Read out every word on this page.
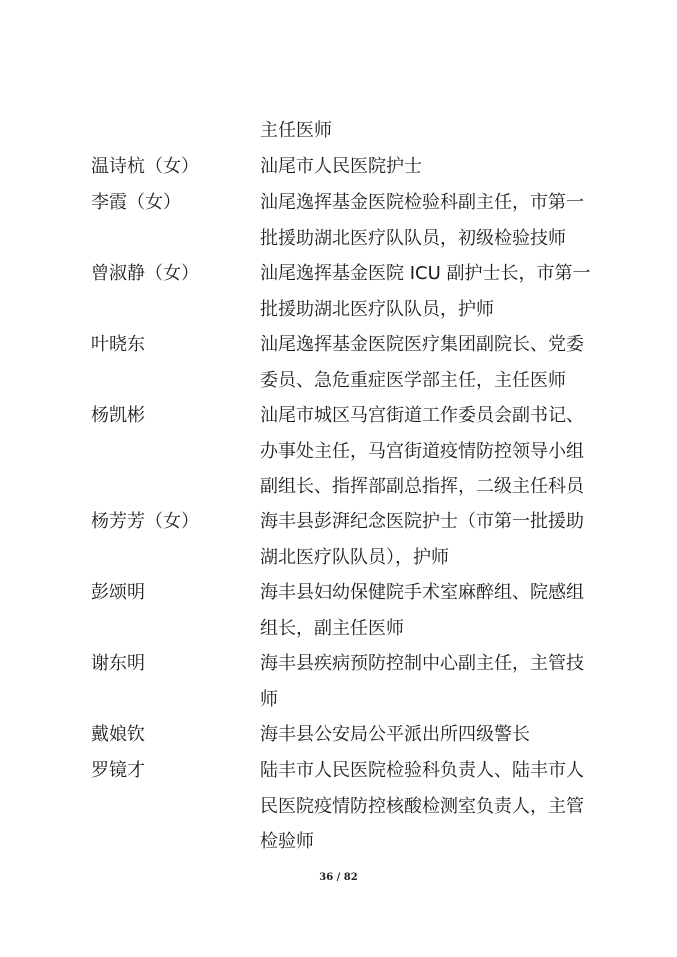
主任医师
温诗杭（女）	汕尾市人民医院护士
李霞（女）	汕尾逸挥基金医院检验科副主任，市第一
批援助湖北医疗队队员，初级检验技师
曾淑静（女）	汕尾逸挥基金医院 ICU 副护士长，市第一
批援助湖北医疗队队员，护师
叶晓东	汕尾逸挥基金医院医疗集团副院长、党委
委员、急危重症医学部主任，主任医师
杨凯彬	汕尾市城区马宫街道工作委员会副书记、
办事处主任，马宫街道疫情防控领导小组
副组长、指挥部副总指挥，二级主任科员
杨芳芳（女）	海丰县彭湃纪念医院护士（市第一批援助
湖北医疗队队员），护师
彭颂明	海丰县妇幼保健院手术室麻醉组、院感组
组长，副主任医师
谢东明	海丰县疾病预防控制中心副主任，主管技
师
戴娘钦	海丰县公安局公平派出所四级警长
罗镜才	陆丰市人民医院检验科负责人、陆丰市人
民医院疫情防控核酸检测室负责人，主管
检验师
36 / 82
